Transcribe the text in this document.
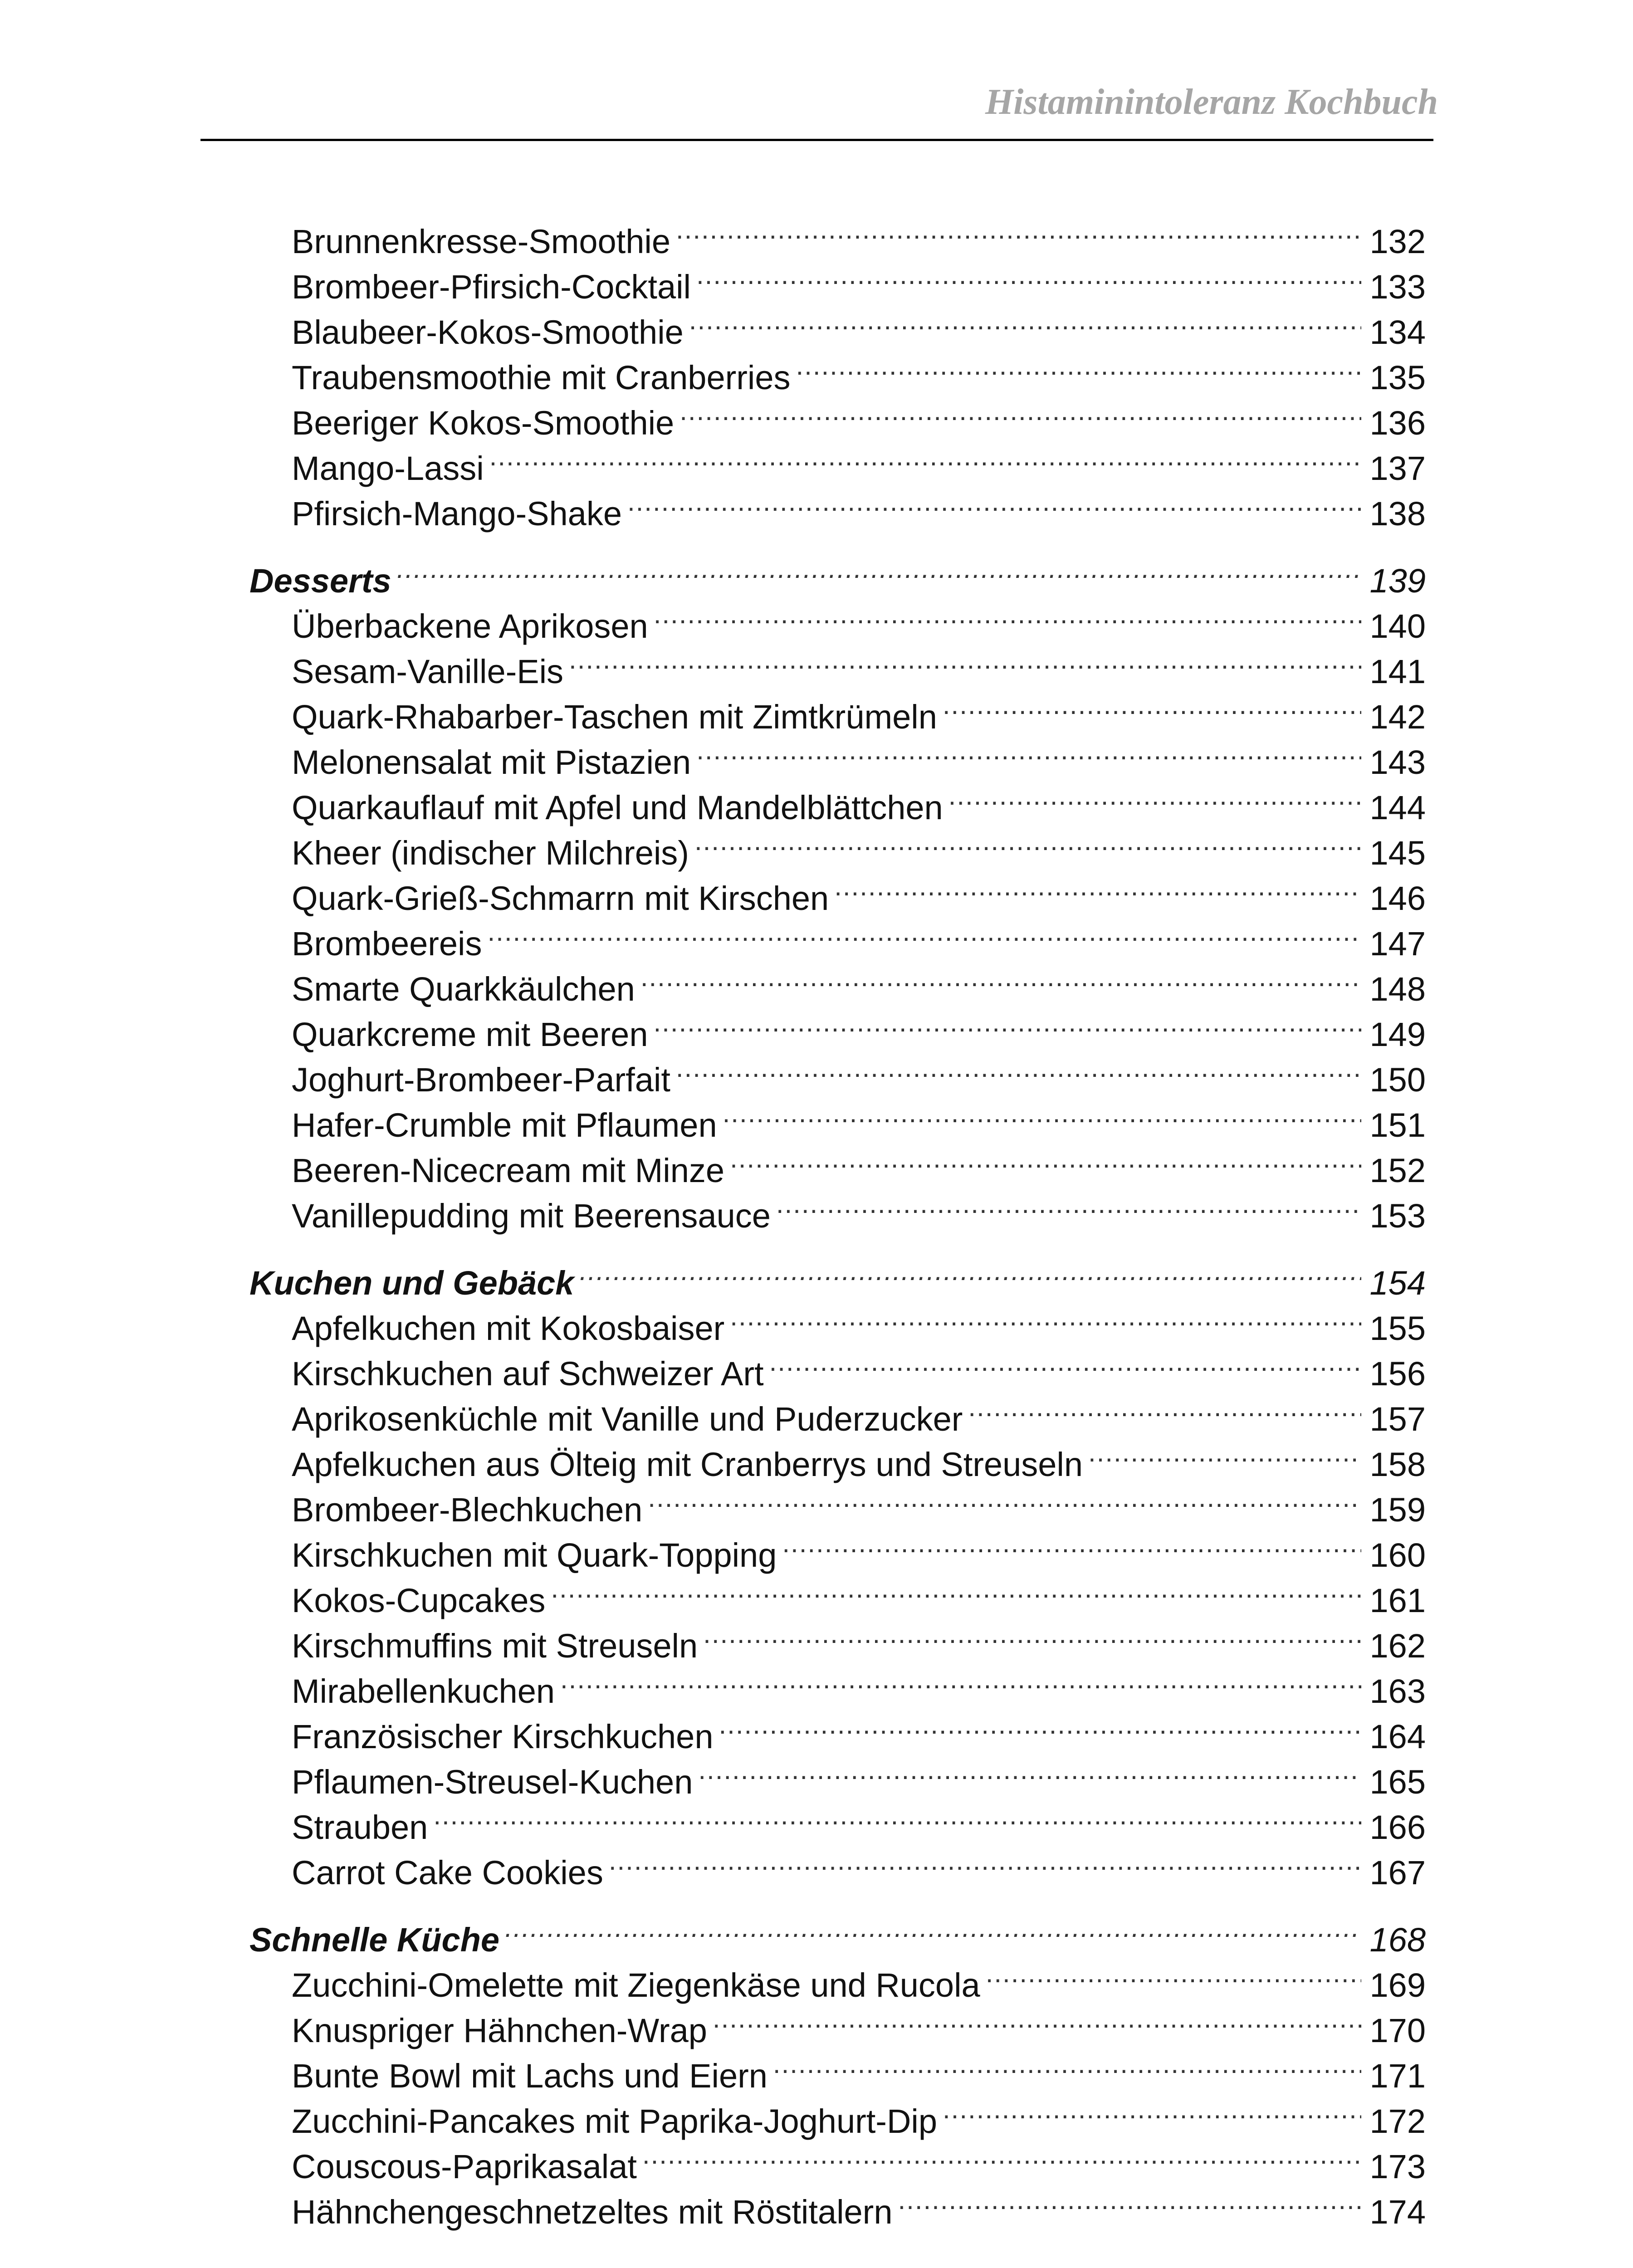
Histaminintoleranz Kochbuch
Brunnenkresse-Smoothie .....	132
Brombeer-Pfirsich-Cocktail .....	133
Blaubeer-Kokos-Smoothie .....	134
Traubensmoothie mit Cranberries .....	135
Beeriger Kokos-Smoothie .....	136
Mango-Lassi .....	137
Pfirsich-Mango-Shake .....	138
Desserts .....	139
Überbackene Aprikosen .....	140
Sesam-Vanille-Eis .....	141
Quark-Rhabarber-Taschen mit Zimtkrümeln .....	142
Melonensalat mit Pistazien .....	143
Quarkauflauf mit Apfel und Mandelblättchen .....	144
Kheer (indischer Milchreis) .....	145
Quark-Grieß-Schmarrn mit Kirschen .....	146
Brombeereis .....	147
Smarte Quarkkäulchen .....	148
Quarkcreme mit Beeren .....	149
Joghurt-Brombeer-Parfait .....	150
Hafer-Crumble mit Pflaumen .....	151
Beeren-Nicecream mit Minze .....	152
Vanillepudding mit Beerensauce .....	153
Kuchen und Gebäck .....	154
Apfelkuchen mit Kokosbaiser .....	155
Kirschkuchen auf Schweizer Art .....	156
Aprikosenküchle mit Vanille und Puderzucker .....	157
Apfelkuchen aus Ölteig mit Cranberrys und Streuseln .....	158
Brombeer-Blechkuchen .....	159
Kirschkuchen mit Quark-Topping .....	160
Kokos-Cupcakes .....	161
Kirschmuffins mit Streuseln .....	162
Mirabellenkuchen .....	163
Französischer Kirschkuchen .....	164
Pflaumen-Streusel-Kuchen .....	165
Strauben .....	166
Carrot Cake Cookies .....	167
Schnelle Küche .....	168
Zucchini-Omelette mit Ziegenkäse und Rucola .....	169
Knuspriger Hähnchen-Wrap .....	170
Bunte Bowl mit Lachs und Eiern .....	171
Zucchini-Pancakes mit Paprika-Joghurt-Dip .....	172
Couscous-Paprikasalat .....	173
Hähnchengeschnetzeltes mit Röstitalern .....	174
